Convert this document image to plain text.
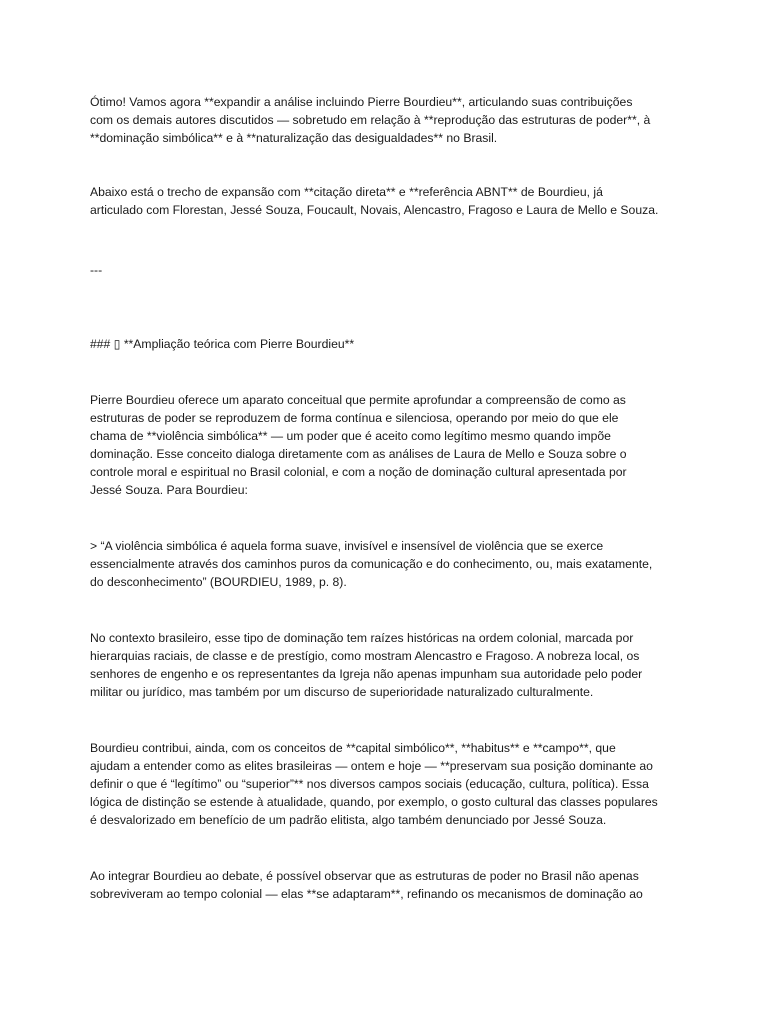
Ótimo! Vamos agora **expandir a análise incluindo Pierre Bourdieu**, articulando suas contribuições
com os demais autores discutidos — sobretudo em relação à **reprodução das estruturas de poder**, à
**dominação simbólica** e à **naturalização das desigualdades** no Brasil.

Abaixo está o trecho de expansão com **citação direta** e **referência ABNT** de Bourdieu, já
articulado com Florestan, Jessé Souza, Foucault, Novais, Alencastro, Fragoso e Laura de Mello e Souza.

---

### ▯ **Ampliação teórica com Pierre Bourdieu**

Pierre Bourdieu oferece um aparato conceitual que permite aprofundar a compreensão de como as
estruturas de poder se reproduzem de forma contínua e silenciosa, operando por meio do que ele
chama de **violência simbólica** — um poder que é aceito como legítimo mesmo quando impõe
dominação. Esse conceito dialoga diretamente com as análises de Laura de Mello e Souza sobre o
controle moral e espiritual no Brasil colonial, e com a noção de dominação cultural apresentada por
Jessé Souza. Para Bourdieu:

> “A violência simbólica é aquela forma suave, invisível e insensível de violência que se exerce
essencialmente através dos caminhos puros da comunicação e do conhecimento, ou, mais exatamente,
do desconhecimento” (BOURDIEU, 1989, p. 8).

No contexto brasileiro, esse tipo de dominação tem raízes históricas na ordem colonial, marcada por
hierarquias raciais, de classe e de prestígio, como mostram Alencastro e Fragoso. A nobreza local, os
senhores de engenho e os representantes da Igreja não apenas impunham sua autoridade pelo poder
militar ou jurídico, mas também por um discurso de superioridade naturalizado culturalmente.

Bourdieu contribui, ainda, com os conceitos de **capital simbólico**, **habitus** e **campo**, que
ajudam a entender como as elites brasileiras — ontem e hoje — **preservam sua posição dominante ao
definir o que é “legítimo” ou “superior”** nos diversos campos sociais (educação, cultura, política). Essa
lógica de distinção se estende à atualidade, quando, por exemplo, o gosto cultural das classes populares
é desvalorizado em benefício de um padrão elitista, algo também denunciado por Jessé Souza.

Ao integrar Bourdieu ao debate, é possível observar que as estruturas de poder no Brasil não apenas
sobreviveram ao tempo colonial — elas **se adaptaram**, refinando os mecanismos de dominação ao
